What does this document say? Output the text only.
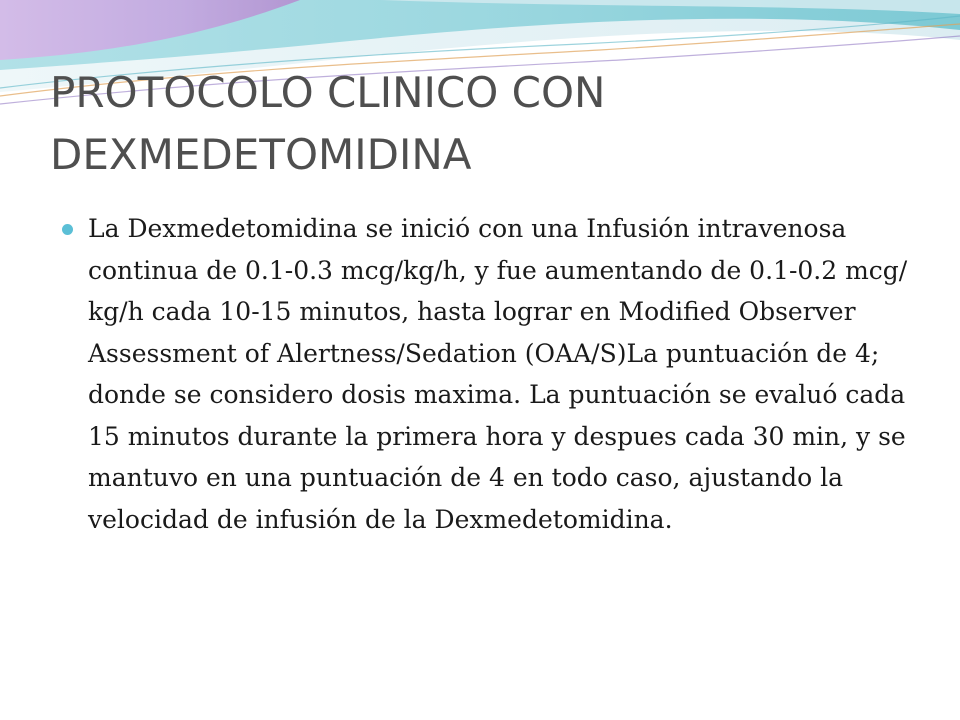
PROTOCOLO CLINICO CON DEXMEDETOMIDINA

La Dexmedetomidina se inició con una Infusión intravenosa continua de 0.1-0.3 mcg/kg/h, y fue aumentando de 0.1-0.2 mcg/ kg/h cada 10-15 minutos, hasta lograr en Modified Observer Assessment of Alertness/Sedation (OAA/S)La puntuación de 4; donde se considero dosis maxima. La puntuación se evaluó cada 15 minutos durante la primera hora y despues cada 30 min, y se mantuvo en una puntuación de 4 en todo caso, ajustando la velocidad de infusión de la Dexmedetomidina.
